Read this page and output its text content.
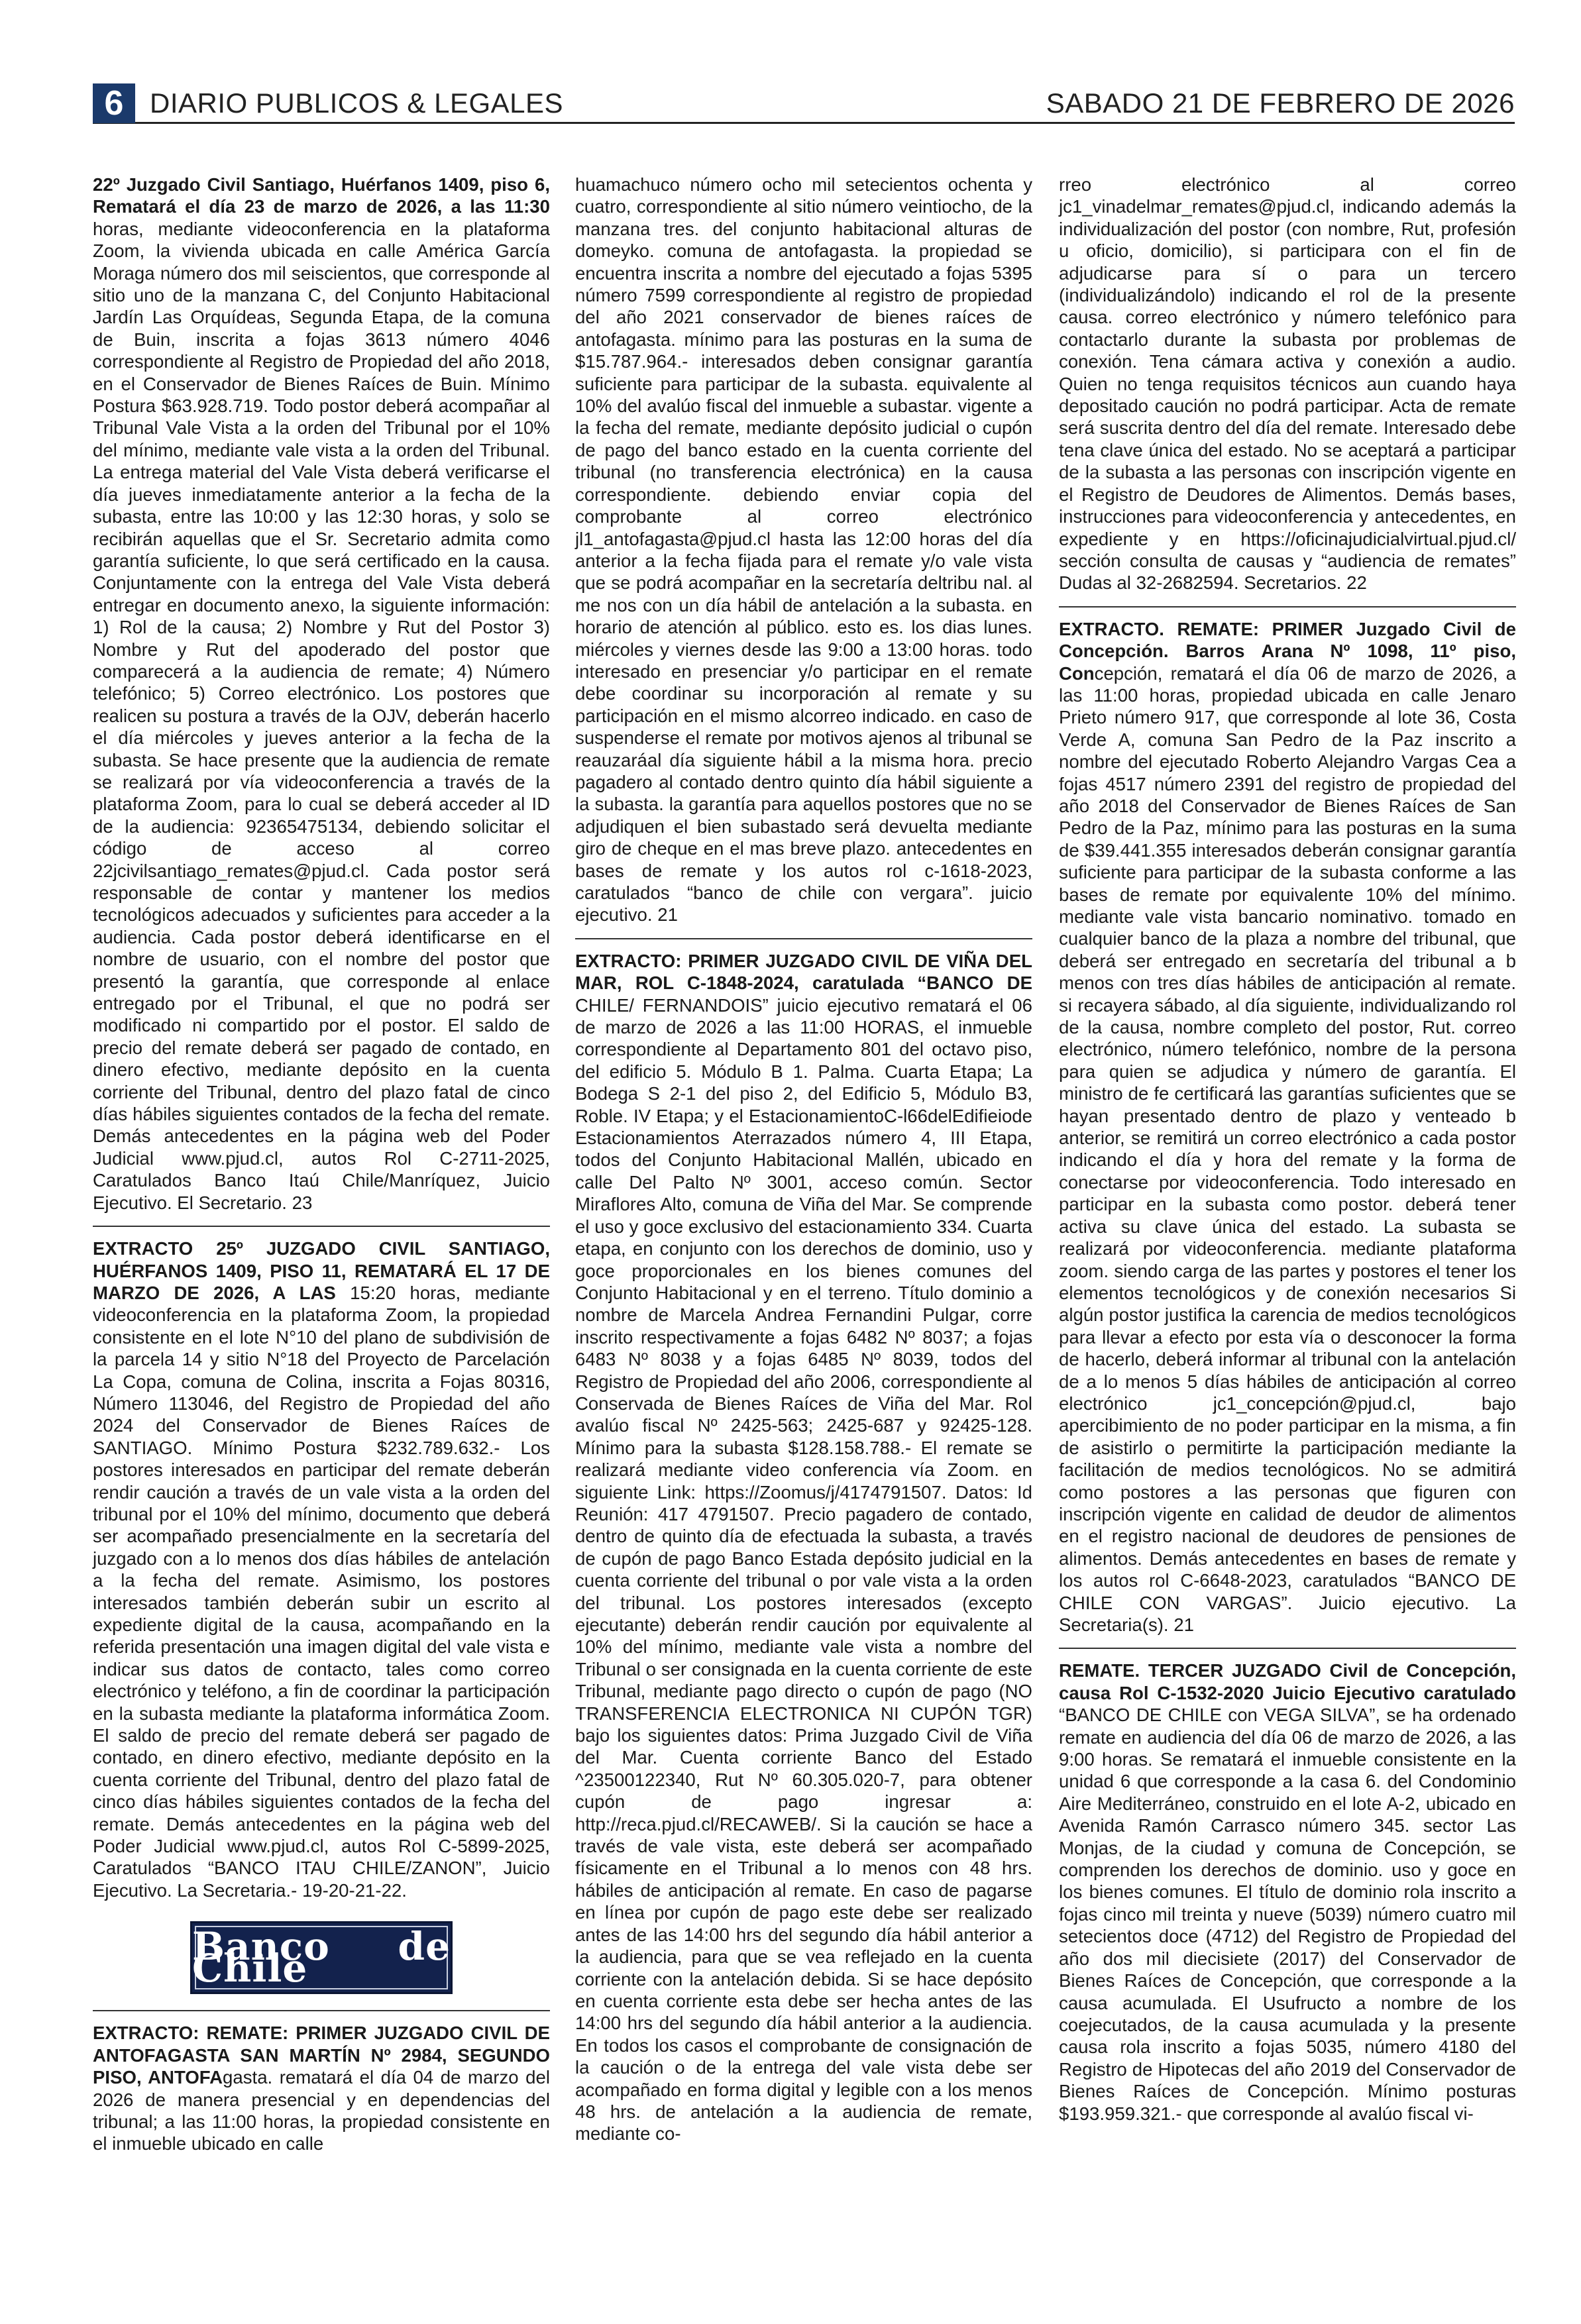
6 DIARIO PUBLICOS & LEGALES	SABADO 21 DE FEBRERO DE 2026

22º Juzgado Civil Santiago, Huérfanos 1409, piso 6, Rematará el día 23 de marzo de 2026, a las 11:30 horas, mediante videoconferencia en la plataforma Zoom, la vivienda ubicada en calle Américа García Moraga número dos mil seiscientos, que corresponde al sitio uno de la manzana C, del Conjunto Habitacional Jardín Las Orquídeas, Segunda Etapa, de la comuna de Buin, inscrita a fojas 3613 número 4046 correspondiente al Registro de Propiedad del año 2018, en el Conservador de Bienes Raíces de Buin. Mínimo Postura $63.928.719. Todo postor deberá acompañar al Tribunal Vale Vista a la orden del Tribunal por el 10% del mínimo, mediante vale vista a la orden del Tribunal. La entrega material del Vale Vista deberá verificarse el día jueves inmediatamente anterior a la fecha de la subasta, entre las 10:00 y las 12:30 horas, y solo se recibirán aquellas que el Sr. Secretario admita como garantía suficiente, lo que será certificado en la causa. Conjuntamente con la entrega del Vale Vista deberá entregar en documento anexo, la siguiente información: 1) Rol de la causa; 2) Nombre y Rut del Postor 3) Nombre y Rut del apoderado del postor que comparecerá a la audiencia de remate; 4) Número telefónico; 5) Correo electrónico. Los postores que realicen su postura a través de la OJV, deberán hacerlo el día miércoles y jueves anterior a la fecha de la subasta. Se hace presente que la audiencia de remate se realizará por vía videoconferencia a través de la plataforma Zoom, para lo cual se deberá acceder al ID de la audiencia: 92365475134, debiendo solicitar el código de acceso al correo 22jcivilsantiago_remates@pjud.cl. Cada postor será responsable de contar y mantener los medios tecnológicos adecuados y suficientes para acceder a la audiencia. Cada postor deberá identificarse en el nombre de usuario, con el nombre del postor que presentó la garantía, que corresponde al enlace entregado por el Tribunal, el que no podrá ser modificado ni compartido por el postor. El saldo de precio del remate deberá ser pagado de contado, en dinero efectivo, mediante depósito en la cuenta corriente del Tribunal, dentro del plazo fatal de cinco días hábiles siguientes contados de la fecha del remate. Demás antecedentes en la página web del Poder Judicial www.pjud.cl, autos Rol C-2711-2025, Caratulados Banco Itaú Chile/Manríquez, Juicio Ejecutivo. El Secretario. 23

EXTRACTO 25º JUZGADO CIVIL SANTIAGO, HUÉRFANOS 1409, PISO 11, REMATARÁ EL 17 DE MARZO DE 2026, A LAS 15:20 horas, mediante videoconferencia en la plataforma Zoom, la propiedad consistente en el lote N°10 del plano de subdivisión de la parcela 14 y sitio N°18 del Proyecto de Parcelación La Copa, comuna de Colina, inscrita a Fojas 80316, Número 113046, del Registro de Propiedad del año 2024 del Conservador de Bienes Raíces de SANTIAGO. Mínimo Postura $232.789.632.- Los postores interesados en participar del remate deberán rendir caución a través de un vale vista a la orden del tribunal por el 10% del mínimo, documento que deberá ser acompañado presencialmente en la secretaría del juzgado con a lo menos dos días hábiles de antelación a la fecha del remate. Asimismo, los postores interesados también deberán subir un escrito al expediente digital de la causa, acompañando en la referida presentación una imagen digital del vale vista e indicar sus datos de contacto, tales como correo electrónico y teléfono, a fin de coordinar la participación en la subasta mediante la plataforma informática Zoom. El saldo de precio del remate deberá ser pagado de contado, en dinero efectivo, mediante depósito en la cuenta corriente del Tribunal, dentro del plazo fatal de cinco días hábiles siguientes contados de la fecha del remate. Demás antecedentes en la página web del Poder Judicial www.pjud.cl, autos Rol C-5899-2025, Caratulados “BANCO ITAU CHILE/ZANON”, Juicio Ejecutivo. La Secretaria.- 19-20-21-22.

Banco de Chile

EXTRACTO: REMATE: PRIMER JUZGADO CIVIL DE ANTOFAGASTA SAN MARTÍN Nº 2984, SEGUNDO PISO, ANTOFAgasta. rematará el día 04 de marzo del 2026 de manera presencial y en dependencias del tribunal; a las 11:00 horas, la propiedad consistente en el inmueble ubicado en calle

huamachuco número ocho mil setecientos ochenta y cuatro, correspondiente al sitio número veintiocho, de la manzana tres. del conjunto habitacional alturas de domeyko. comuna de antofagasta. la propiedad se encuentra inscrita a nombre del ejecutado a fojas 5395 número 7599 correspondiente al registro de propiedad del año 2021 conservador de bienes raíces de antofagasta. mínimo para las posturas en la suma de $15.787.964.- interesados deben consignar garantía suficiente para participar de la subasta. equivalente al 10% del avalúo fiscal del inmueble a subastar. vigente a la fecha del remate, mediante depósito judicial o cupón de pago del banco estado en la cuenta corriente del tribunal (no transferencia electrónica) en la causa correspondiente. debiendo enviar copia del comprobante al correo electrónico jl1_antofagasta@pjud.cl hasta las 12:00 horas del día anterior a la fecha fijada para el remate y/o vale vista que se podrá acompañar en la secretaría deltribu nal. al me nos con un día hábil de antelación a la subasta. en horario de atención al público. esto es. los dias lunes. miércoles y viernes desde las 9:00 a 13:00 horas. todo interesado en presenciar y/o participar en el remate debe coordinar su incorporación al remate y su participación en el mismo alcorreo indicado. en caso de suspenderse el remate por motivos ajenos al tribunal se reauzaráal día siguiente hábil a la misma hora. precio pagadero al contado dentro quinto día hábil siguiente a la subasta. la garantía para aquellos postores que no se adjudiquen el bien subastado será devuelta mediante giro de cheque en el mas breve plazo. antecedentes en bases de remate y los autos rol c-1618-2023, caratulados “banco de chile con vergara”. juicio ejecutivo. 21

EXTRACTO: PRIMER JUZGADO CIVIL DE VIÑA DEL MAR, ROL C-1848-2024, caratulada “BANCO DE CHILE/ FERNANDOIS” juicio ejecutivo rematará el 06 de marzo de 2026 a las 11:00 HORAS, el inmueble correspondiente al Departamento 801 del octavo piso, del edificio 5. Módulo B 1. Palma. Cuarta Etapa; La Bodega S 2-1 del piso 2, del Edificio 5, Módulo B3, Roble. IV Etapa; y el EstacionamientoC-l66delEdifieiode Estacionamientos Aterrazados número 4, III Etapa, todos del Conjunto Habitacional Mallén, ubicado en calle Del Palto Nº 3001, acceso común. Sector Miraflores Alto, comuna de Viña del Mar. Se comprende el uso y goce exclusivo del estacionamiento 334. Cuarta etapa, en conjunto con los derechos de dominio, uso y goce proporcionales en los bienes comunes del Conjunto Habitacional y en el terreno. Título dominio a nombre de Marcela Andrea Fernandini Pulgar, corre inscrito respectivamente a fojas 6482 Nº 8037; a fojas 6483 Nº 8038 y a fojas 6485 Nº 8039, todos del Registro de Propiedad del año 2006, correspondiente al Conservada de Bienes Raíces de Viña del Mar. Rol avalúo fiscal Nº 2425-563; 2425-687 y 92425-128. Mínimo para la subasta $128.158.788.- El remate se realizará mediante video conferencia vía Zoom. en siguiente Link: https://Zoomus/j/4174791507. Datos: Id Reunión: 417 4791507. Precio pagadero de contado, dentro de quinto día de efectuada la subasta, a través de cupón de pago Banco Estada depósito judicial en la cuenta corriente del tribunal o por vale vista a la orden del tribunal. Los postores interesados (excepto ejecutante) deberán rendir caución por equivalente al 10% del mínimo, mediante vale vista a nombre del Tribunal o ser consignada en la cuenta corriente de este Tribunal, mediante pago directo o cupón de pago (NO TRANSFERENCIA ELECTRONICA NI CUPÓN TGR) bajo los siguientes datos: Prima Juzgado Civil de Viña del Mar. Cuenta corriente Banco del Estado ^23500122340, Rut Nº 60.305.020-7, para obtener cupón de pago ingresar a: http://reca.pjud.cl/RECAWEB/. Si la caución se hace a través de vale vista, este deberá ser acompañado físicamente en el Tribunal a lo menos con 48 hrs. hábiles de anticipación al remate. En caso de pagarse en línea por cupón de pago este debe ser realizado antes de las 14:00 hrs del segundo día hábil anterior a la audiencia, para que se vea reflejado en la cuenta corriente con la antelación debida. Si se hace depósito en cuenta corriente esta debe ser hecha antes de las 14:00 hrs del segundo día hábil anterior a la audiencia. En todos los casos el comprobante de consignación de la caución o de la entrega del vale vista debe ser acompañado en forma digital y legible con a los menos 48 hrs. de antelación a la audiencia de remate, mediante co-

rreo electrónico al correo jc1_vinadelmar_remates@pjud.cl, indicando además la individualización del postor (con nombre, Rut, profesión u oficio, domicilio), si participara con el fin de adjudicarse para sí o para un tercero (individualizándolo) indicando el rol de la presente causa. correo electrónico y número telefónico para contactarlo durante la subasta por problemas de conexión. Tena cámara activa y conexión a audio. Quien no tenga requisitos técnicos aun cuando haya depositado caución no podrá participar. Acta de remate será suscrita dentro del día del remate. Interesado debe tena clave única del estado. No se aceptará a participar de la subasta a las personas con inscripción vigente en el Registro de Deudores de Alimentos. Demás bases, instrucciones para videoconferencia y antecedentes, en expediente y en https://oficinajudicialvirtual.pjud.cl/ sección consulta de causas y “audiencia de remates” Dudas al 32-2682594. Secretarios. 22

EXTRACTO. REMATE: PRIMER Juzgado Civil de Concepción. Barros Arana Nº 1098, 11º piso, Concepción, rematará el día 06 de marzo de 2026, a las 11:00 horas, propiedad ubicada en calle Jenaro Prieto número 917, que corresponde al lote 36, Costa Verde A, comuna San Pedro de la Paz inscrito a nombre del ejecutado Roberto Alejandro Vargas Cea a fojas 4517 número 2391 del registro de propiedad del año 2018 del Conservador de Bienes Raíces de San Pedro de la Paz, mínimo para las posturas en la suma de $39.441.355 interesados deberán consignar garantía suficiente para participar de la subasta conforme a las bases de remate por equivalente 10% del mínimo. mediante vale vista bancario nominativo. tomado en cualquier banco de la plaza a nombre del tribunal, que deberá ser entregado en secretaría del tribunal a b menos con tres días hábiles de anticipación al remate. si recayera sábado, al día siguiente, individualizando rol de la causa, nombre completo del postor, Rut. correo electrónico, número telefónico, nombre de la persona para quien se adjudica y número de garantía. El ministro de fe certificará las garantías suficientes que se hayan presentado dentro de plazo y venteado b anterior, se remitirá un correo electrónico a cada postor indicando el día y hora del remate y la forma de conectarse por videoconferencia. Todo interesado en participar en la subasta como postor. deberá tener activa su clave única del estado. La subasta se realizará por videoconferencia. mediante plataforma zoom. siendo carga de las partes y postores el tener los elementos tecnológicos y de conexión necesarios Si algún postor justifica la carencia de medios tecnológicos para llevar a efecto por esta vía o desconocer la forma de hacerlo, deberá informar al tribunal con la antelación de a lo menos 5 días hábiles de anticipación al correo electrónico jc1_concepción@pjud.cl, bajo apercibimiento de no poder participar en la misma, a fin de asistirlo o permitirte la participación mediante la facilitación de medios tecnológicos. No se admitirá como postores a las personas que figuren con inscripción vigente en calidad de deudor de alimentos en el registro nacional de deudores de pensiones de alimentos. Demás antecedentes en bases de remate y los autos rol C-6648-2023, caratulados “BANCO DE CHILE CON VARGAS”. Juicio ejecutivo. La Secretaria(s). 21

REMATE. TERCER JUZGADO Civil de Concepción, causa Rol C-1532-2020 Juicio Ejecutivo caratulado “BANCO DE CHILE con VEGA SILVA”, se ha ordenado remate en audiencia del día 06 de marzo de 2026, a las 9:00 horas. Se rematará el inmueble consistente en la unidad 6 que corresponde a la casa 6. del Condominio Aire Mediterráneo, construido en el lote A-2, ubicado en Avenida Ramón Carrasco número 345. sector Las Monjas, de la ciudad y comuna de Concepción, se comprenden los derechos de dominio. uso y goce en los bienes comunes. El título de dominio rola inscrito a fojas cinco mil treinta y nueve (5039) número cuatro mil setecientos doce (4712) del Registro de Propiedad del año dos mil diecisiete (2017) del Conservador de Bienes Raíces de Concepción, que corresponde a la causa acumulada. El Usufructo a nombre de los coejecutados, de la causa acumulada y la presente causa rola inscrito a fojas 5035, número 4180 del Registro de Hipotecas del año 2019 del Conservador de Bienes Raíces de Concepción. Mínimo posturas $193.959.321.- que corresponde al avalúo fiscal vi-
